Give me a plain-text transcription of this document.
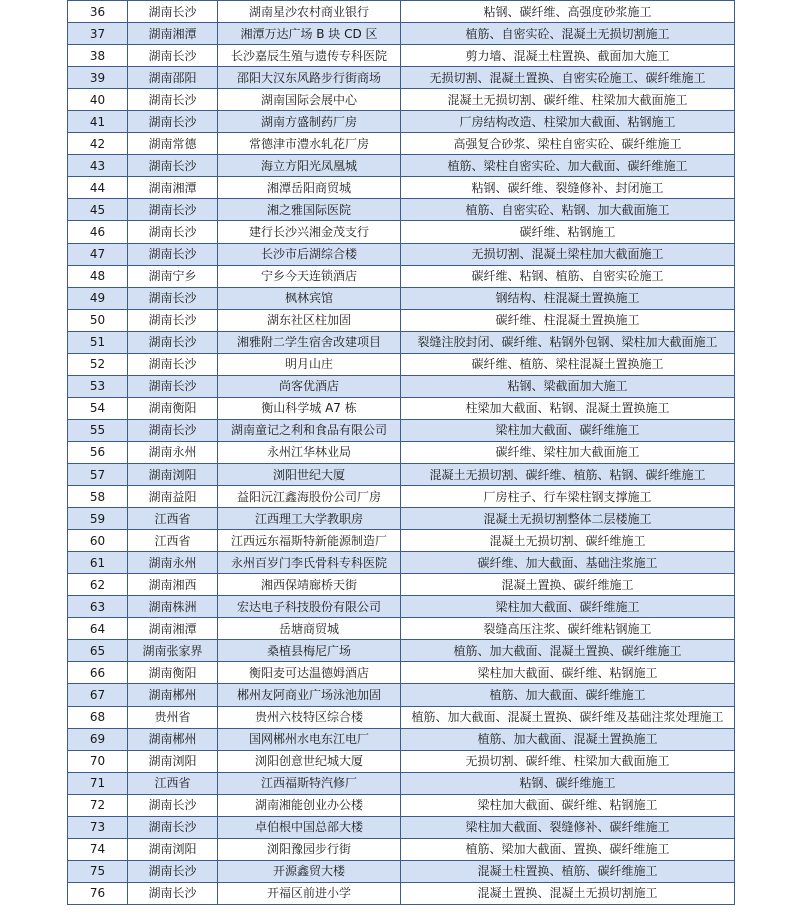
36	湖南长沙	湖南星沙农村商业银行	粘钢、碳纤维、高强度砂浆施工
37	湖南湘潭	湘潭万达广场 B 块 CD 区	植筋、自密实砼、混凝土无损切割施工
38	湖南长沙	长沙嘉辰生殖与遗传专科医院	剪力墙、混凝土柱置换、截面加大施工
39	湖南邵阳	邵阳大汉东风路步行街商场	无损切割、混凝土置换、自密实砼施工、碳纤维施工
40	湖南长沙	湖南国际会展中心	混凝土无损切割、碳纤维、柱梁加大截面施工
41	湖南长沙	湖南方盛制药厂房	厂房结构改造、柱梁加大截面、粘钢施工
42	湖南常德	常德津市澧水轧花厂房	高强复合砂浆、梁柱自密实砼、碳纤维施工
43	湖南长沙	海立方阳光凤凰城	植筋、梁柱自密实砼、加大截面、碳纤维施工
44	湖南湘潭	湘潭岳阳商贸城	粘钢、碳纤维、裂缝修补、封闭施工
45	湖南长沙	湘之雅国际医院	植筋、自密实砼、粘钢、加大截面施工
46	湖南长沙	建行长沙兴湘金茂支行	碳纤维、粘钢施工
47	湖南长沙	长沙市后湖综合楼	无损切割、混凝土梁柱加大截面施工
48	湖南宁乡	宁乡今天连锁酒店	碳纤维、粘钢、植筋、自密实砼施工
49	湖南长沙	枫林宾馆	钢结构、柱混凝土置换施工
50	湖南长沙	湖东社区柱加固	碳纤维、柱混凝土置换施工
51	湖南长沙	湘雅附二学生宿舍改建项目	裂缝注胶封闭、碳纤维、粘钢外包钢、梁柱加大截面施工
52	湖南长沙	明月山庄	碳纤维、植筋、梁柱混凝土置换施工
53	湖南长沙	尚客优酒店	粘钢、梁截面加大施工
54	湖南衡阳	衡山科学城 A7 栋	柱梁加大截面、粘钢、混凝土置换施工
55	湖南长沙	湖南童记之利和食品有限公司	梁柱加大截面、碳纤维施工
56	湖南永州	永州江华林业局	碳纤维、梁柱加大截面施工
57	湖南浏阳	浏阳世纪大厦	混凝土无损切割、碳纤维、植筋、粘钢、碳纤维施工
58	湖南益阳	益阳沅江鑫海股份公司厂房	厂房柱子、行车梁柱钢支撑施工
59	江西省	江西理工大学教职房	混凝土无损切割整体二层楼施工
60	江西省	江西远东福斯特新能源制造厂	混凝土无损切割、碳纤维施工
61	湖南永州	永州百岁门李氏骨科专科医院	碳纤维、加大截面、基础注浆施工
62	湖南湘西	湘西保靖廊桥天街	混凝土置换、碳纤维施工
63	湖南株洲	宏达电子科技股份有限公司	梁柱加大截面、碳纤维施工
64	湖南湘潭	岳塘商贸城	裂缝高压注浆、碳纤维粘钢施工
65	湖南张家界	桑植县梅尼广场	植筋、加大截面、混凝土置换、碳纤维施工
66	湖南衡阳	衡阳麦可达温德姆酒店	梁柱加大截面、碳纤维、粘钢施工
67	湖南郴州	郴州友阿商业广场泳池加固	植筋、加大截面、碳纤维施工
68	贵州省	贵州六枝特区综合楼	植筋、加大截面、混凝土置换、碳纤维及基础注浆处理施工
69	湖南郴州	国网郴州水电东江电厂	植筋、加大截面、混凝土置换施工
70	湖南浏阳	浏阳创意世纪城大厦	无损切割、碳纤维、柱梁加大截面施工
71	江西省	江西福斯特汽修厂	粘钢、碳纤维施工
72	湖南长沙	湖南湘能创业办公楼	梁柱加大截面、碳纤维、粘钢施工
73	湖南长沙	卓伯根中国总部大楼	梁柱加大截面、裂缝修补、碳纤维施工
74	湖南浏阳	浏阳豫园步行街	植筋、梁加大截面、置换、碳纤维施工
75	湖南长沙	开源鑫贸大楼	混凝土柱置换、植筋、碳纤维施工
76	湖南长沙	开福区前进小学	混凝土置换、混凝土无损切割施工
